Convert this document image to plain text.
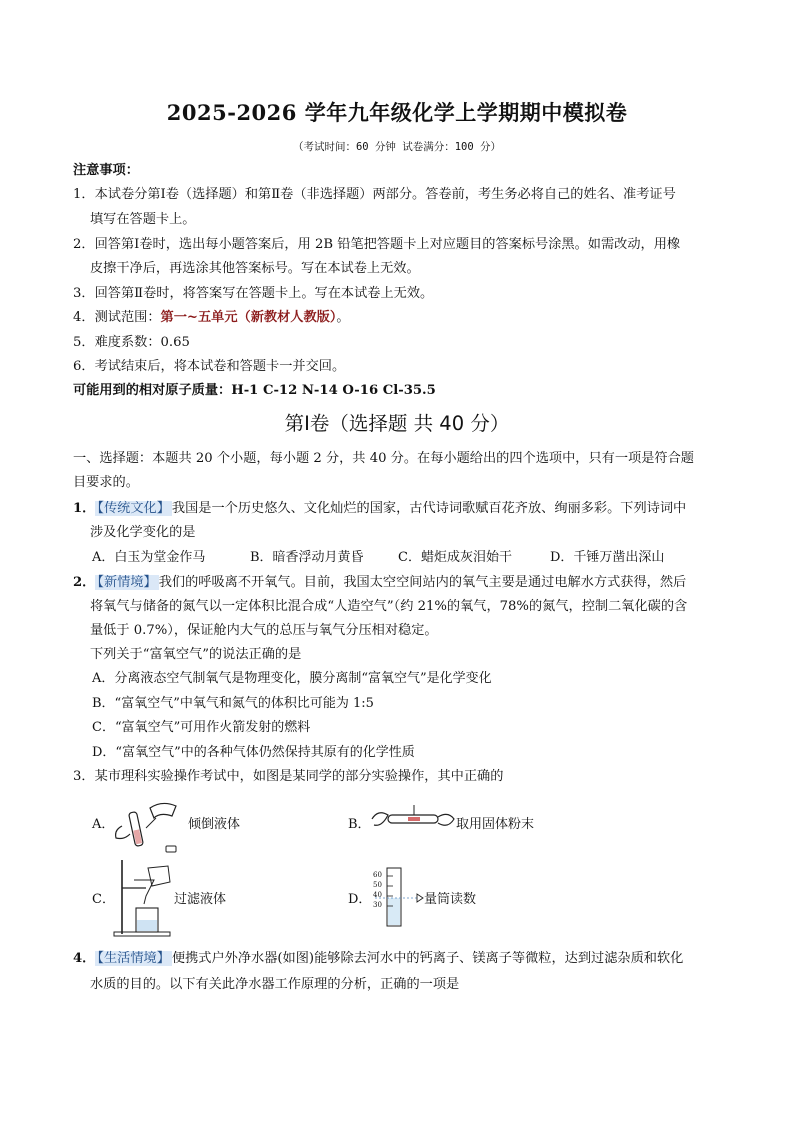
2025-2026 学年九年级化学上学期期中模拟卷
（考试时间：60 分钟 试卷满分：100 分）
注意事项：
1．本试卷分第Ⅰ卷（选择题）和第Ⅱ卷（非选择题）两部分。答卷前，考生务必将自己的姓名、准考证号
填写在答题卡上。
2．回答第Ⅰ卷时，选出每小题答案后，用 2B 铅笔把答题卡上对应题目的答案标号涂黑。如需改动，用橡
皮擦干净后，再选涂其他答案标号。写在本试卷上无效。
3．回答第Ⅱ卷时，将答案写在答题卡上。写在本试卷上无效。
4．测试范围：第一~五单元（新教材人教版）。
5．难度系数：0.65
6．考试结束后，将本试卷和答题卡一并交回。
可能用到的相对原子质量：H-1 C-12 N-14 O-16 Cl-35.5
第Ⅰ卷（选择题 共 40 分）
一、选择题：本题共 20 个小题，每小题 2 分，共 40 分。在每小题给出的四个选项中，只有一项是符合题
目要求的。
1． 【传统文化】 我国是一个历史悠久、文化灿烂的国家，古代诗词歌赋百花齐放、绚丽多彩。下列诗词中
涉及化学变化的是
A．白玉为堂金作马	B．暗香浮动月黄昏	C．蜡炬成灰泪始干	D．千锤万凿出深山
2． 【新情境】 我们的呼吸离不开氧气。目前，我国太空空间站内的氧气主要是通过电解水方式获得，然后
将氧气与储备的氮气以一定体积比混合成“人造空气”（约 21%的氧气，78%的氮气，控制二氧化碳的含
量低于 0.7%），保证舱内大气的总压与氧气分压相对稳定。
下列关于“富氧空气”的说法正确的是
A．分离液态空气制氧气是物理变化，膜分离制“富氧空气”是化学变化
B．“富氧空气”中氧气和氮气的体积比可能为 1:5
C．“富氧空气”可用作火箭发射的燃料
D．“富氧空气”中的各种气体仍然保持其原有的化学性质
3．某市理科实验操作考试中，如图是某同学的部分实验操作，其中正确的
A．	倾倒液体	B．	取用固体粉末
C．	过滤液体	D．
60
50
40
30	量筒读数
4． 【生活情境】 便携式户外净水器(如图)能够除去河水中的钙离子、镁离子等微粒，达到过滤杂质和软化
水质的目的。以下有关此净水器工作原理的分析，正确的一项是
